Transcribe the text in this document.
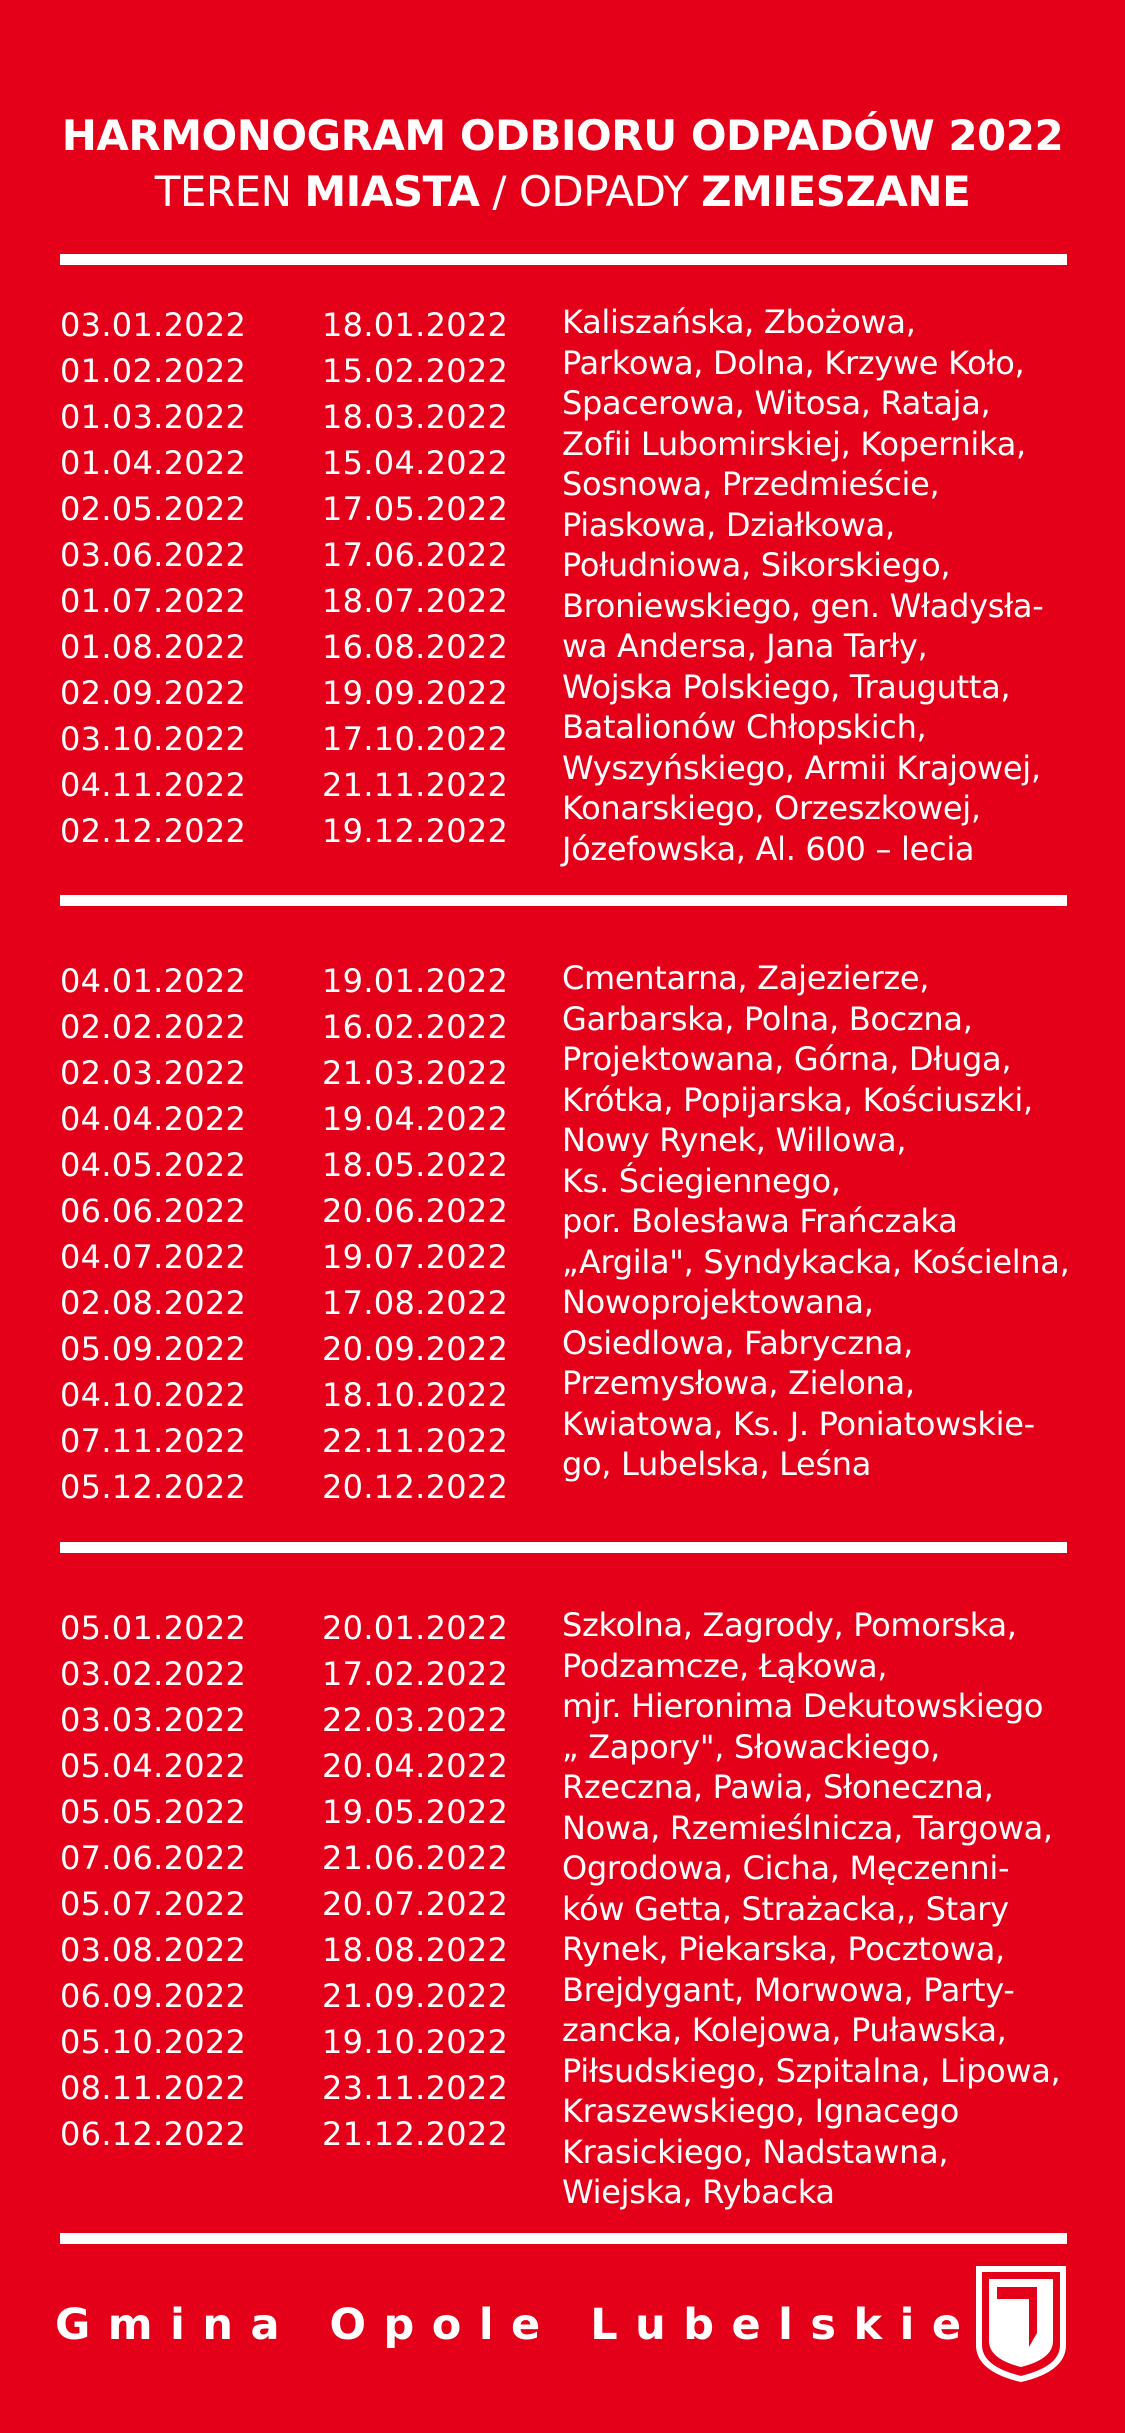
HARMONOGRAM ODBIORU ODPADÓW 2022
TEREN MIASTA / ODPADY ZMIESZANE
03.01.2022
01.02.2022
01.03.2022
01.04.2022
02.05.2022
03.06.2022
01.07.2022
01.08.2022
02.09.2022
03.10.2022
04.11.2022
02.12.2022
18.01.2022
15.02.2022
18.03.2022
15.04.2022
17.05.2022
17.06.2022
18.07.2022
16.08.2022
19.09.2022
17.10.2022
21.11.2022
19.12.2022
Kaliszańska, Zbożowa,
Parkowa, Dolna, Krzywe Koło,
Spacerowa, Witosa, Rataja,
Zofii Lubomirskiej, Kopernika,
Sosnowa, Przedmieście,
Piaskowa, Działkowa,
Południowa, Sikorskiego,
Broniewskiego, gen. Władysła-
wa Andersa, Jana Tarły,
Wojska Polskiego, Traugutta,
Batalionów Chłopskich,
Wyszyńskiego, Armii Krajowej,
Konarskiego, Orzeszkowej,
Józefowska, Al. 600 – lecia
04.01.2022
02.02.2022
02.03.2022
04.04.2022
04.05.2022
06.06.2022
04.07.2022
02.08.2022
05.09.2022
04.10.2022
07.11.2022
05.12.2022
19.01.2022
16.02.2022
21.03.2022
19.04.2022
18.05.2022
20.06.2022
19.07.2022
17.08.2022
20.09.2022
18.10.2022
22.11.2022
20.12.2022
Cmentarna, Zajezierze,
Garbarska, Polna, Boczna,
Projektowana, Górna, Długa,
Krótka, Popijarska, Kościuszki,
Nowy Rynek, Willowa,
Ks. Ściegiennego,
por. Bolesława Frańczaka
„Argila", Syndykacka, Kościelna,
Nowoprojektowana,
Osiedlowa, Fabryczna,
Przemysłowa, Zielona,
Kwiatowa, Ks. J. Poniatowskie-
go, Lubelska, Leśna
05.01.2022
03.02.2022
03.03.2022
05.04.2022
05.05.2022
07.06.2022
05.07.2022
03.08.2022
06.09.2022
05.10.2022
08.11.2022
06.12.2022
20.01.2022
17.02.2022
22.03.2022
20.04.2022
19.05.2022
21.06.2022
20.07.2022
18.08.2022
21.09.2022
19.10.2022
23.11.2022
21.12.2022
Szkolna, Zagrody, Pomorska,
Podzamcze, Łąkowa,
mjr. Hieronima Dekutowskiego
„ Zapory", Słowackiego,
Rzeczna, Pawia, Słoneczna,
Nowa, Rzemieślnicza, Targowa,
Ogrodowa, Cicha, Męczenni-
ków Getta, Strażacka,, Stary
Rynek, Piekarska, Pocztowa,
Brejdygant, Morwowa, Party-
zancka, Kolejowa, Puławska,
Piłsudskiego, Szpitalna, Lipowa,
Kraszewskiego, Ignacego
Krasickiego, Nadstawna,
Wiejska, Rybacka
Gmina Opole Lubelskie
